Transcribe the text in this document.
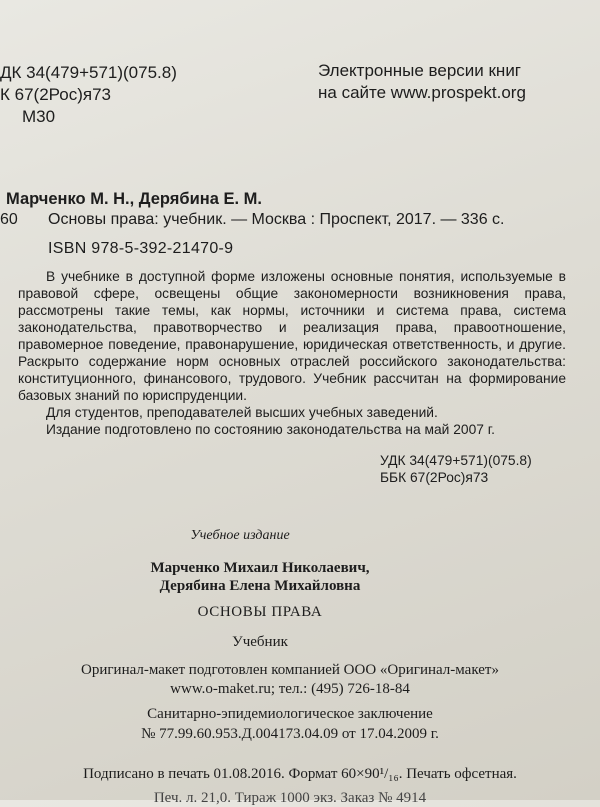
ДК 34(479+571)(075.8)
К 67(2Рос)я73
М30
Электронные версии книг
на сайте www.prospekt.org
Марченко М. Н., Дерябина Е. М.
60 Основы права: учебник. — Москва : Проспект, 2017. — 336 с.
ISBN 978-5-392-21470-9

В учебнике в доступной форме изложены основные понятия, используемые в правовой сфере, освещены общие закономерности возникновения права, рассмотрены такие темы, как нормы, источники и система права, система законодательства, правотворчество и реализация права, правоотношение, правомерное поведение, правонарушение, юридическая ответственность, и другие. Раскрыто содержание норм основных отраслей российского законодательства: конституционного, финансового, трудового. Учебник рассчитан на формирование базовых знаний по юриспруденции.

Для студентов, преподавателей высших учебных заведений.

Издание подготовлено по состоянию законодательства на май 2007 г.

УДК 34(479+571)(075.8)
ББК 67(2Рос)я73
Учебное издание
Марченко Михаил Николаевич,
Дерябина Елена Михайловна
ОСНОВЫ ПРАВА
Учебник
Оригинал-макет подготовлен компанией ООО «Оригинал-макет»
www.o-maket.ru; тел.: (495) 726-18-84
Санитарно-эпидемиологическое заключение
№ 77.99.60.953.Д.004173.04.09 от 17.04.2009 г.
Подписано в печать 01.08.2016. Формат 60×90¹/₁₆. Печать офсетная.
Печ. л. 21,0. Тираж 1000 экз. Заказ № 4914
